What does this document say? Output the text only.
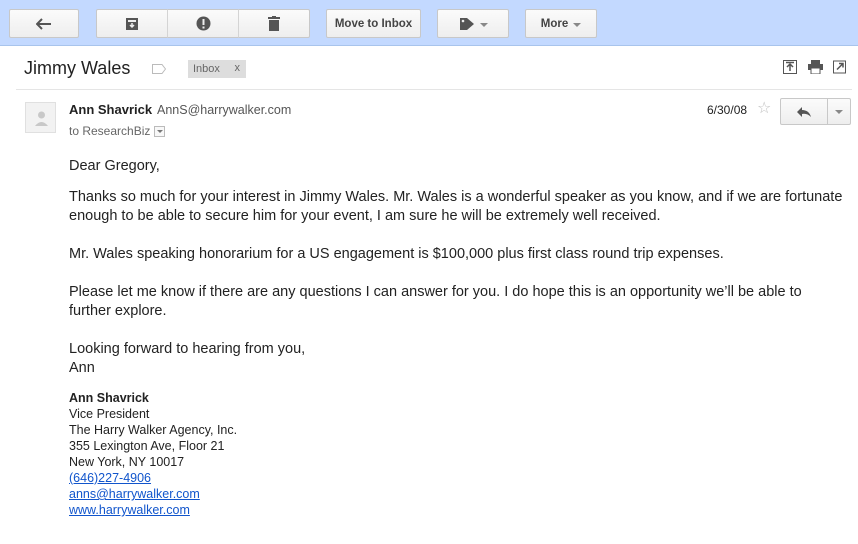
Move to Inbox	More
Jimmy Wales	Inbox x
Ann Shavrick AnnS@harrywalker.com
to ResearchBiz
6/30/08 ☆

Dear Gregory,

Thanks so much for your interest in Jimmy Wales. Mr. Wales is a wonderful speaker as you know, and if we are fortunate enough to be able to secure him for your event, I am sure he will be extremely well received.

Mr. Wales speaking honorarium for a US engagement is $100,000 plus first class round trip expenses.

Please let me know if there are any questions I can answer for you. I do hope this is an opportunity we’ll be able to further explore.

Looking forward to hearing from you,

Ann

Ann Shavrick
Vice President
The Harry Walker Agency, Inc.
355 Lexington Ave, Floor 21
New York, NY 10017
(646)227-4906
anns@harrywalker.com
www.harrywalker.com
